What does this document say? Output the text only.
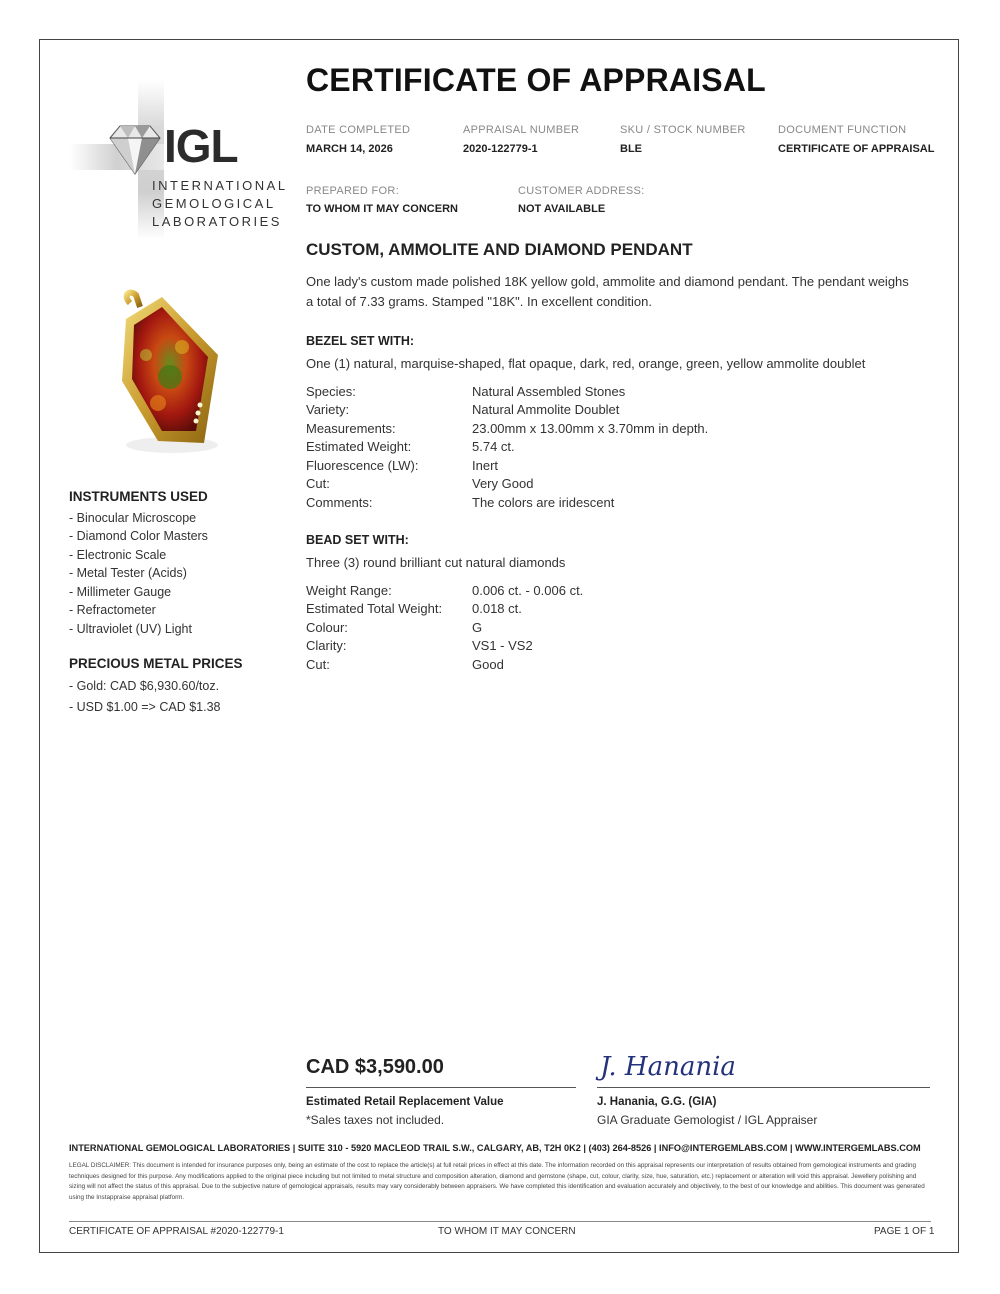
IGL
INTERNATIONAL
GEMOLOGICAL
LABORATORIES
CERTIFICATE OF APPRAISAL
DATE COMPLETED
MARCH 14, 2026
APPRAISAL NUMBER
2020-122779-1
SKU / STOCK NUMBER
BLE
DOCUMENT FUNCTION
CERTIFICATE OF APPRAISAL
PREPARED FOR:
TO WHOM IT MAY CONCERN
CUSTOMER ADDRESS:
NOT AVAILABLE
CUSTOM, AMMOLITE AND DIAMOND PENDANT
One lady's custom made polished 18K yellow gold, ammolite and diamond pendant. The pendant weighs
a total of 7.33 grams. Stamped "18K". In excellent condition.
BEZEL SET WITH:
One (1) natural, marquise-shaped, flat opaque, dark, red, orange, green, yellow ammolite doublet
Species:	Natural Assembled Stones
Variety:	Natural Ammolite Doublet
Measurements:	23.00mm x 13.00mm x 3.70mm in depth.
Estimated Weight:	5.74 ct.
Fluorescence (LW):	Inert
Cut:	Very Good
Comments:	The colors are iridescent
BEAD SET WITH:
Three (3) round brilliant cut natural diamonds
Weight Range:	0.006 ct. - 0.006 ct.
Estimated Total Weight: 0.018 ct.
Colour:	G
Clarity:	VS1 - VS2
Cut:	Good
INSTRUMENTS USED
- Binocular Microscope
- Diamond Color Masters
- Electronic Scale
- Metal Tester (Acids)
- Millimeter Gauge
- Refractometer
- Ultraviolet (UV) Light
PRECIOUS METAL PRICES
- Gold: CAD $6,930.60/toz.
- USD $1.00 => CAD $1.38
CAD $3,590.00
Estimated Retail Replacement Value
*Sales taxes not included.
J. Hanania
J. Hanania, G.G. (GIA)
GIA Graduate Gemologist / IGL Appraiser
INTERNATIONAL GEMOLOGICAL LABORATORIES | SUITE 310 - 5920 MACLEOD TRAIL S.W., CALGARY, AB, T2H 0K2 | (403) 264-8526 | INFO@INTERGEMLABS.COM | WWW.INTERGEMLABS.COM
LEGAL DISCLAIMER: This document is intended for insurance purposes only, being an estimate of the cost to replace the article(s) at full retail prices in effect at this date. The information recorded on this appraisal represents our interpretation of results obtained from gemological instruments and grading techniques designed for this purpose. Any modifications applied to the original piece including but not limited to metal structure and composition alteration, diamond and gemstone (shape, cut, colour, clarity, size, hue, saturation, etc.) replacement or alteration will void this appraisal. Jewellery polishing and sizing will not affect the status of this appraisal. Due to the subjective nature of gemological appraisals, results may vary considerably between appraisers. We have completed this identification and evaluation accurately and objectively, to the best of our knowledge and abilities. This document was generated using the Instappraise appraisal platform.
CERTIFICATE OF APPRAISAL #2020-122779-1	TO WHOM IT MAY CONCERN	PAGE 1 OF 1
